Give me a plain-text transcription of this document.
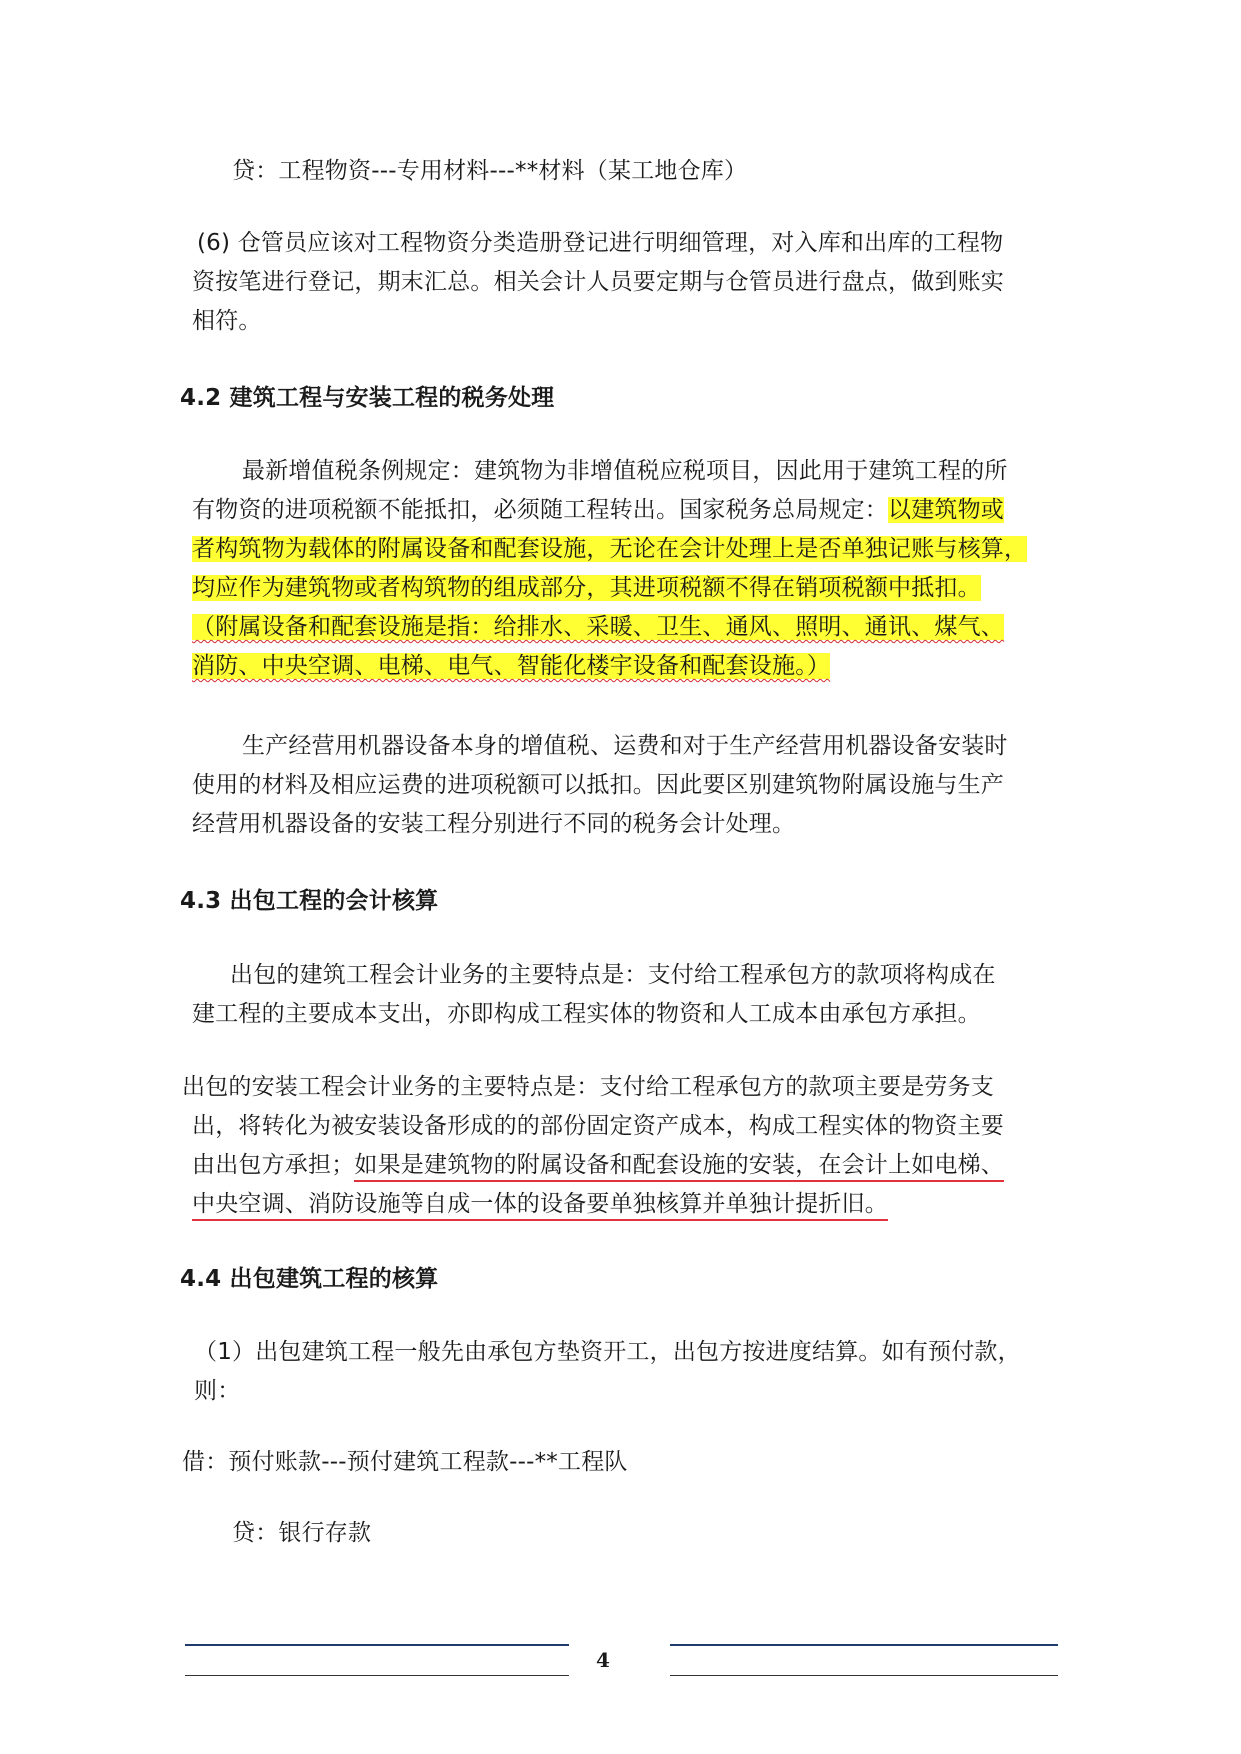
贷：工程物资---专用材料---**材料（某工地仓库）
(6) 仓管员应该对工程物资分类造册登记进行明细管理，对入库和出库的工程物
资按笔进行登记，期末汇总。相关会计人员要定期与仓管员进行盘点，做到账实
相符。
4.2 建筑工程与安装工程的税务处理
最新增值税条例规定：建筑物为非增值税应税项目，因此用于建筑工程的所
有物资的进项税额不能抵扣，必须随工程转出。国家税务总局规定：以建筑物或
者构筑物为载体的附属设备和配套设施，无论在会计处理上是否单独记账与核算，
均应作为建筑物或者构筑物的组成部分，其进项税额不得在销项税额中抵扣。
（附属设备和配套设施是指：给排水、采暖、卫生、通风、照明、通讯、煤气、
消防、中央空调、电梯、电气、智能化楼宇设备和配套设施。）
生产经营用机器设备本身的增值税、运费和对于生产经营用机器设备安装时
使用的材料及相应运费的进项税额可以抵扣。因此要区别建筑物附属设施与生产
经营用机器设备的安装工程分别进行不同的税务会计处理。
4.3 出包工程的会计核算
出包的建筑工程会计业务的主要特点是：支付给工程承包方的款项将构成在
建工程的主要成本支出，亦即构成工程实体的物资和人工成本由承包方承担。
出包的安装工程会计业务的主要特点是：支付给工程承包方的款项主要是劳务支
出，将转化为被安装设备形成的的部份固定资产成本，构成工程实体的物资主要
由出包方承担；如果是建筑物的附属设备和配套设施的安装，在会计上如电梯、
中央空调、消防设施等自成一体的设备要单独核算并单独计提折旧。
4.4 出包建筑工程的核算
（1）出包建筑工程一般先由承包方垫资开工，出包方按进度结算。如有预付款，
则：
借：预付账款---预付建筑工程款---**工程队
贷：银行存款
4
